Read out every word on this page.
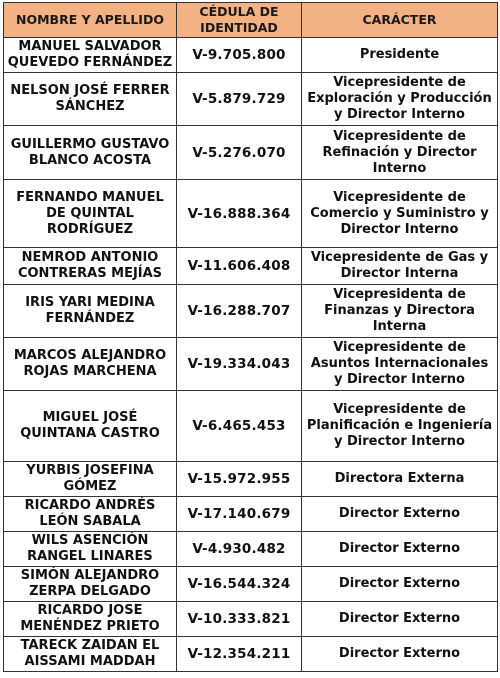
NOMBRE Y APELLIDO	CÉDULA DE IDENTIDAD	CARÁCTER
MANUEL SALVADOR QUEVEDO FERNÁNDEZ	V-9.705.800	Presidente
NELSON JOSÉ FERRER SÁNCHEZ	V-5.879.729	Vicepresidente de Exploración y Producción y Director Interno
GUILLERMO GUSTAVO BLANCO ACOSTA	V-5.276.070	Vicepresidente de Refinación y Director Interno
FERNANDO MANUEL DE QUINTAL RODRÍGUEZ	V-16.888.364	Vicepresidente de Comercio y Suministro y Director Interno
NEMROD ANTONIO CONTRERAS MEJÍAS	V-11.606.408	Vicepresidente de Gas y Director Interna
IRIS YARI MEDINA FERNÁNDEZ	V-16.288.707	Vicepresidenta de Finanzas y Directora Interna
MARCOS ALEJANDRO ROJAS MARCHENA	V-19.334.043	Vicepresidente de Asuntos Internacionales y Director Interno
MIGUEL JOSÉ QUINTANA CASTRO	V-6.465.453	Vicepresidente de Planificación e Ingeniería y Director Interno
YURBIS JOSEFINA GÓMEZ	V-15.972.955	Directora Externa
RICARDO ANDRÉS LEÓN SABALA	V-17.140.679	Director Externo
WILS ASENCIÓN RANGEL LINARES	V-4.930.482	Director Externo
SIMÓN ALEJANDRO ZERPA DELGADO	V-16.544.324	Director Externo
RICARDO JOSE MENÉNDEZ PRIETO	V-10.333.821	Director Externo
TARECK ZAIDAN EL AISSAMI MADDAH	V-12.354.211	Director Externo
